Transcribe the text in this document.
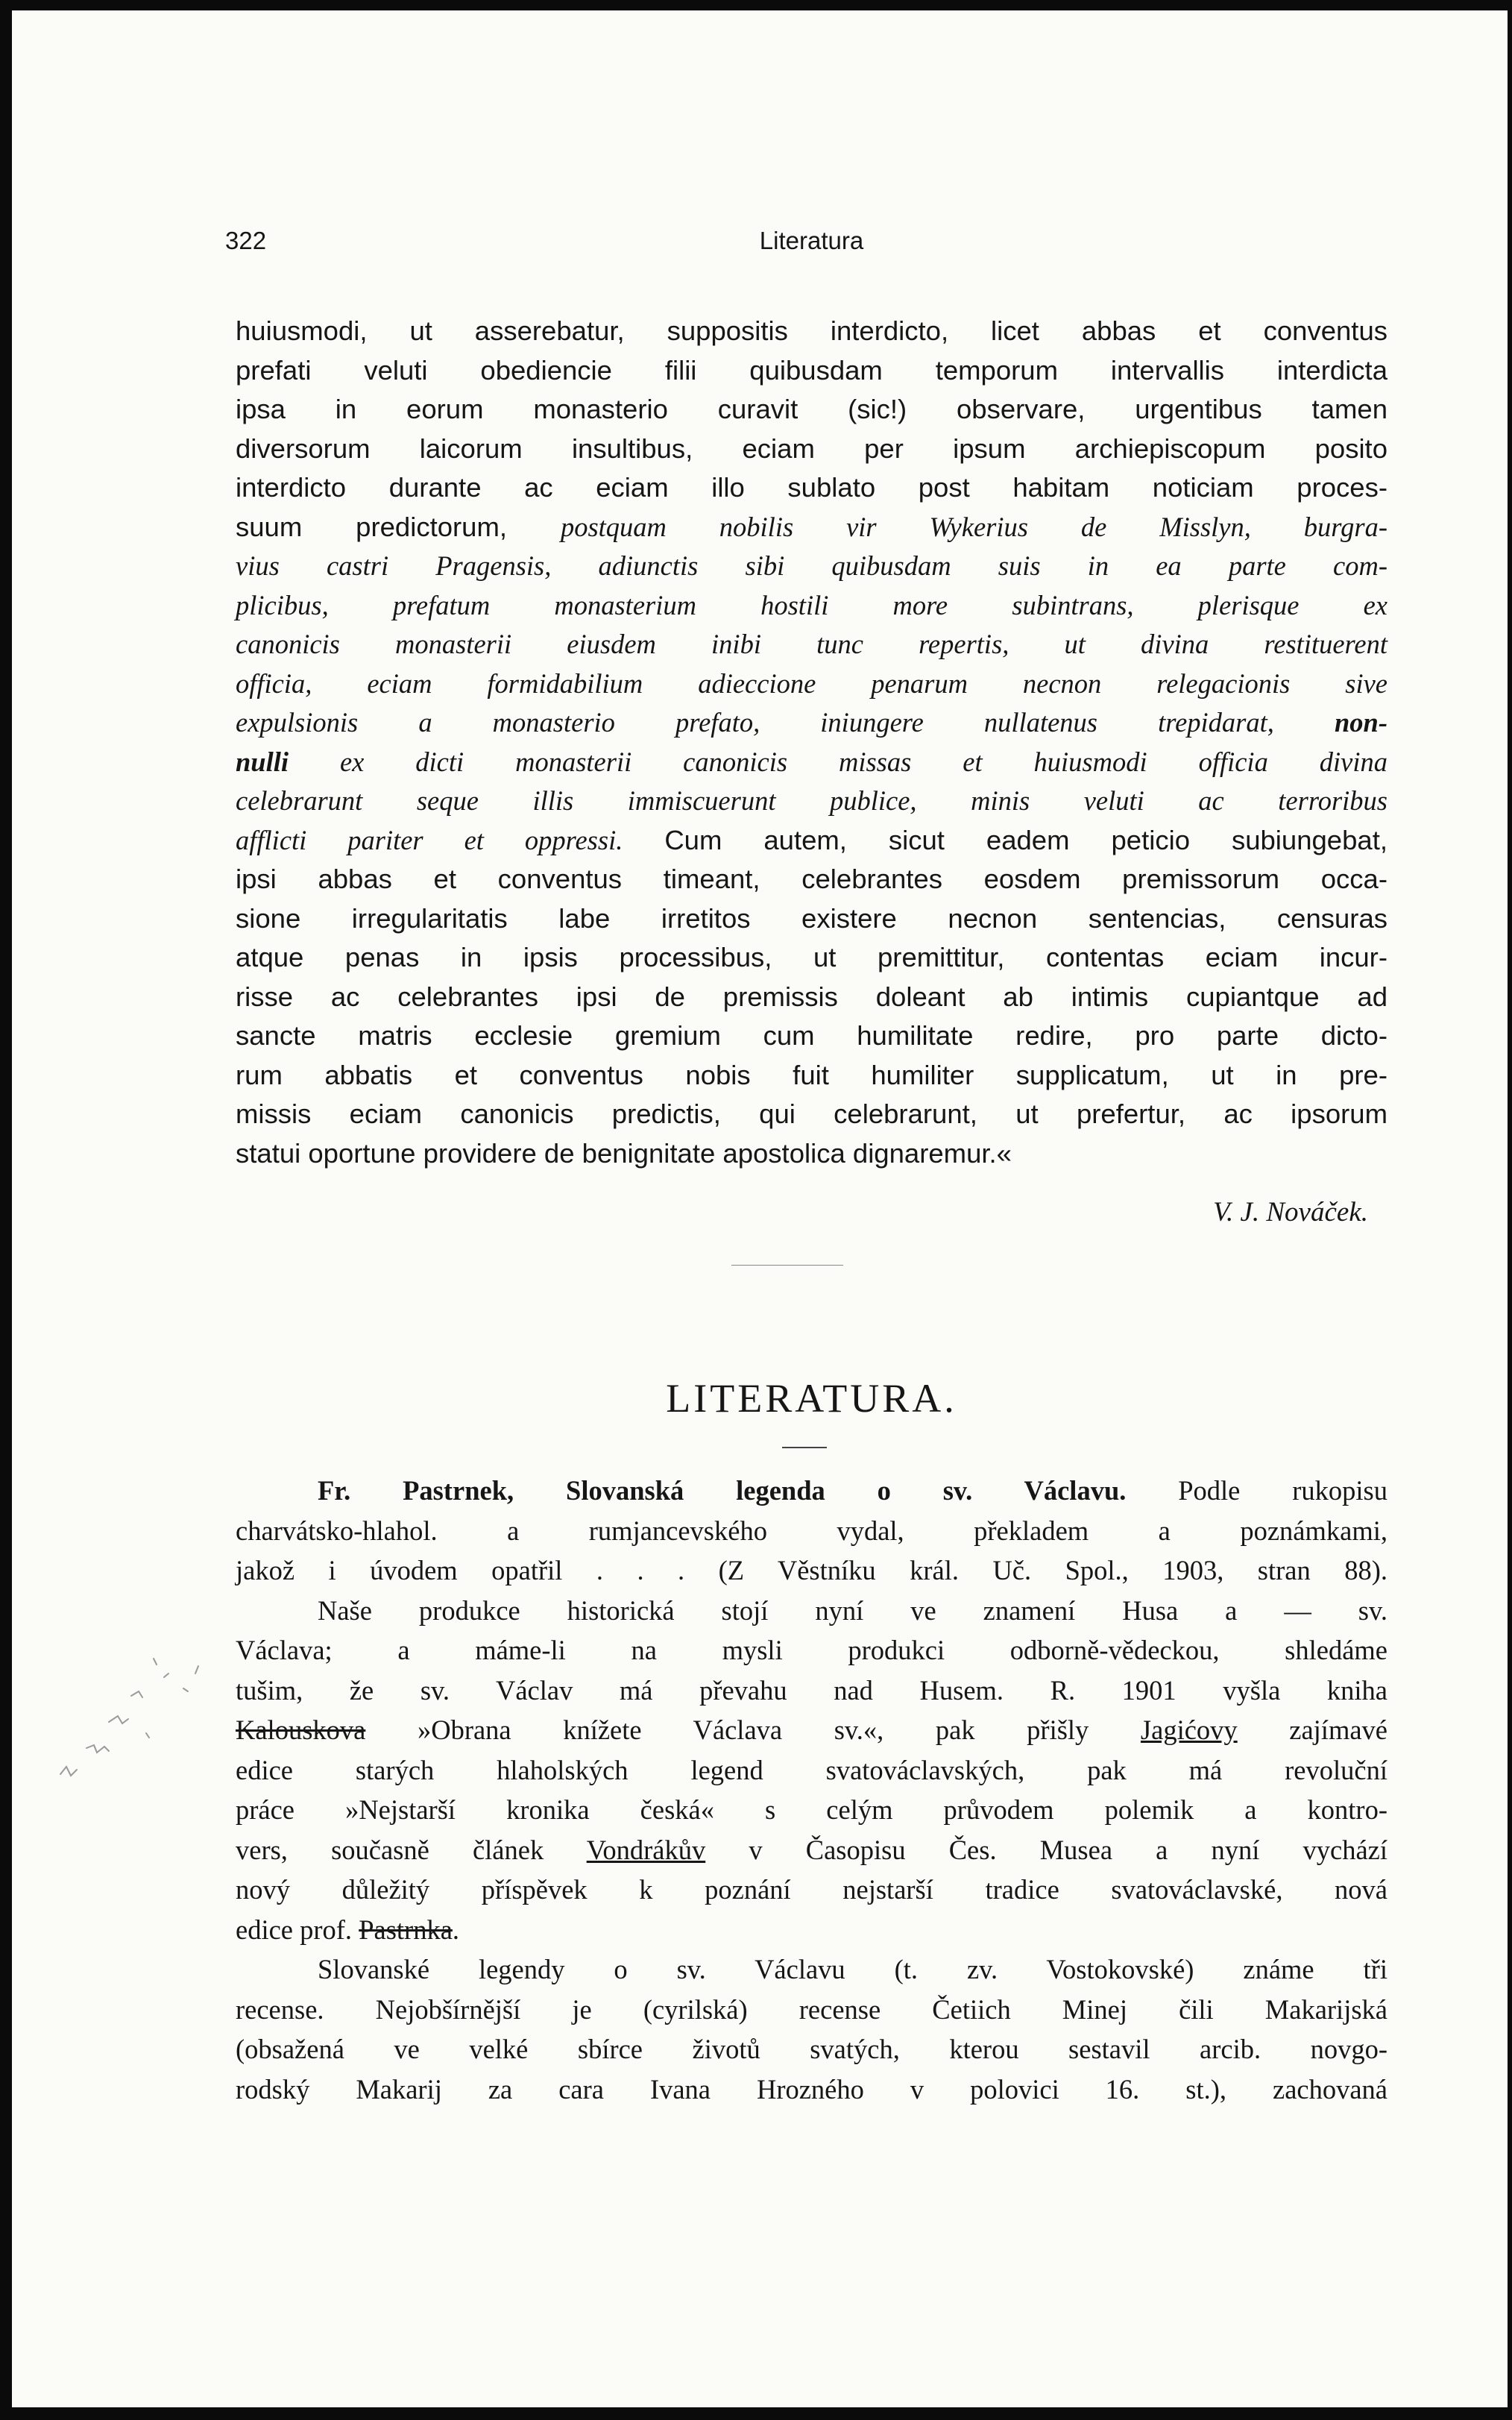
322	Literatura
huiusmodi, ut asserebatur, suppositis interdicto, licet abbas et conventus
prefati veluti obediencie filii quibusdam temporum intervallis interdicta
ipsa in eorum monasterio curavit (sic!) observare, urgentibus tamen
diversorum laicorum insultibus, eciam per ipsum archiepiscopum posito
interdicto durante ac eciam illo sublato post habitam noticiam proces-
suum predictorum, postquam nobilis vir Wykerius de Misslyn, burgra-
vius castri Pragensis, adiunctis sibi quibusdam suis in ea parte com-
plicibus, prefatum monasterium hostili more subintrans, plerisque ex
canonicis monasterii eiusdem inibi tunc repertis, ut divina restituerent
officia, eciam formidabilium adieccione penarum necnon relegacionis sive
expulsionis a monasterio prefato, iniungere nullatenus trepidarat, non-
nulli ex dicti monasterii canonicis missas et huiusmodi officia divina
celebrarunt seque illis immiscuerunt publice, minis veluti ac terroribus
afflicti pariter et oppressi. Cum autem, sicut eadem peticio subiungebat,
ipsi abbas et conventus timeant, celebrantes eosdem premissorum occa-
sione irregularitatis labe irretitos existere necnon sentencias, censuras
atque penas in ipsis processibus, ut premittitur, contentas eciam incur-
risse ac celebrantes ipsi de premissis doleant ab intimis cupiantque ad
sancte matris ecclesie gremium cum humilitate redire, pro parte dicto-
rum abbatis et conventus nobis fuit humiliter supplicatum, ut in pre-
missis eciam canonicis predictis, qui celebrarunt, ut prefertur, ac ipsorum
statui oportune providere de benignitate apostolica dignaremur.«
V. J. Nováček.
LITERATURA.
Fr. Pastrnek, Slovanská legenda o sv. Václavu. Podle rukopisu
charvátsko-hlahol. a rumjancevského vydal, překladem a poznámkami,
jakož i úvodem opatřil . . . (Z Věstníku král. Uč. Spol., 1903, stran 88).
Naše produkce historická stojí nyní ve znamení Husa a — sv.
Václava; a máme-li na mysli produkci odborně-vědeckou, shledáme
tušim, že sv. Václav má převahu nad Husem. R. 1901 vyšla kniha
Kalouskova »Obrana knížete Václava sv.«, pak přišly Jagićovy zajímavé
edice starých hlaholských legend svatováclavských, pak má revoluční
práce »Nejstarší kronika česká« s celým průvodem polemik a kontro-
vers, současně článek Vondrákův v Časopisu Čes. Musea a nyní vychází
nový důležitý příspěvek k poznání nejstarší tradice svatováclavské, nová
edice prof. Pastrnka.
Slovanské legendy o sv. Václavu (t. zv. Vostokovské) známe tři
recense. Nejobšírnější je (cyrilská) recense Četiich Minej čili Makarijská
(obsažená ve velké sbírce životů svatých, kterou sestavil arcib. novgo-
rodský Makarij za cara Ivana Hrozného v polovici 16. st.), zachovaná
